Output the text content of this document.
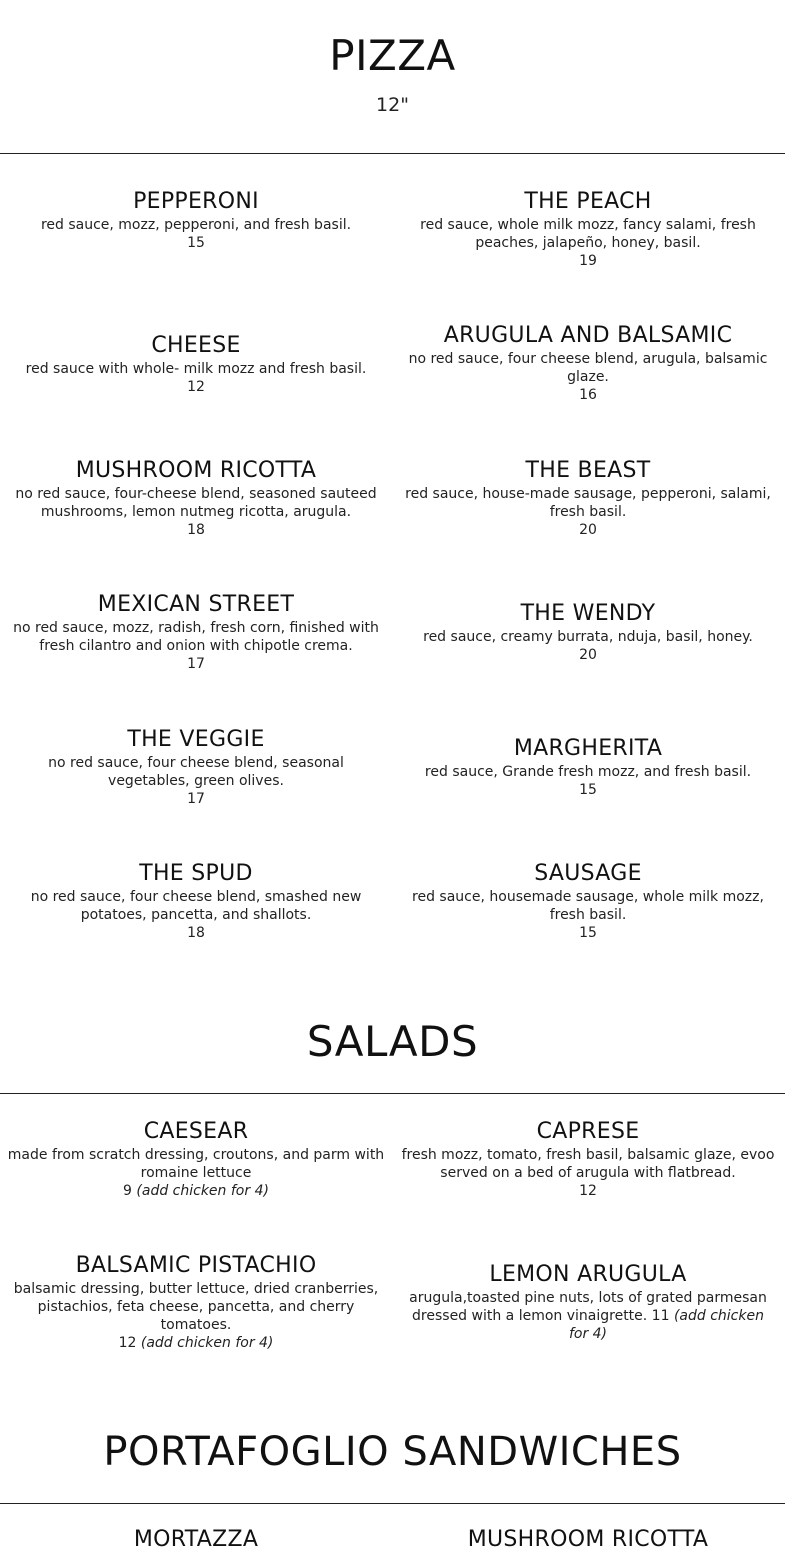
PIZZA
12"
PEPPERONI
red sauce, mozz, pepperoni, and fresh basil.
15
CHEESE
red sauce with whole- milk mozz and fresh basil.
12
MUSHROOM RICOTTA
no red sauce, four-cheese blend, seasoned sauteed mushrooms, lemon nutmeg ricotta, arugula.
18
MEXICAN STREET
no red sauce, mozz, radish, fresh corn, finished with fresh cilantro and onion with chipotle crema.
17
THE VEGGIE
no red sauce, four cheese blend, seasonal vegetables, green olives.
17
THE SPUD
no red sauce, four cheese blend, smashed new potatoes, pancetta, and shallots.
18
THE PEACH
red sauce, whole milk mozz, fancy salami, fresh peaches, jalapeño, honey, basil.
19
ARUGULA AND BALSAMIC
no red sauce, four cheese blend, arugula, balsamic glaze.
16
THE BEAST
red sauce, house-made sausage, pepperoni, salami, fresh basil.
20
THE WENDY
red sauce, creamy burrata, nduja, basil, honey.
20
MARGHERITA
red sauce, Grande fresh mozz, and fresh basil.
15
SAUSAGE
red sauce, housemade sausage, whole milk mozz, fresh basil.
15
SALADS
CAESEAR
made from scratch dressing, croutons, and parm with romaine lettuce
9 (add chicken for 4)
CAPRESE
fresh mozz, tomato, fresh basil, balsamic glaze, evoo served on a bed of arugula with flatbread.
12
BALSAMIC PISTACHIO
balsamic dressing, butter lettuce, dried cranberries, pistachios, feta cheese, pancetta, and cherry tomatoes.
12 (add chicken for 4)
LEMON ARUGULA
arugula,toasted pine nuts, lots of grated parmesan dressed with a lemon vinaigrette. 11 (add chicken for 4)
PORTAFOGLIO SANDWICHES
MORTAZZA	MUSHROOM RICOTTA
